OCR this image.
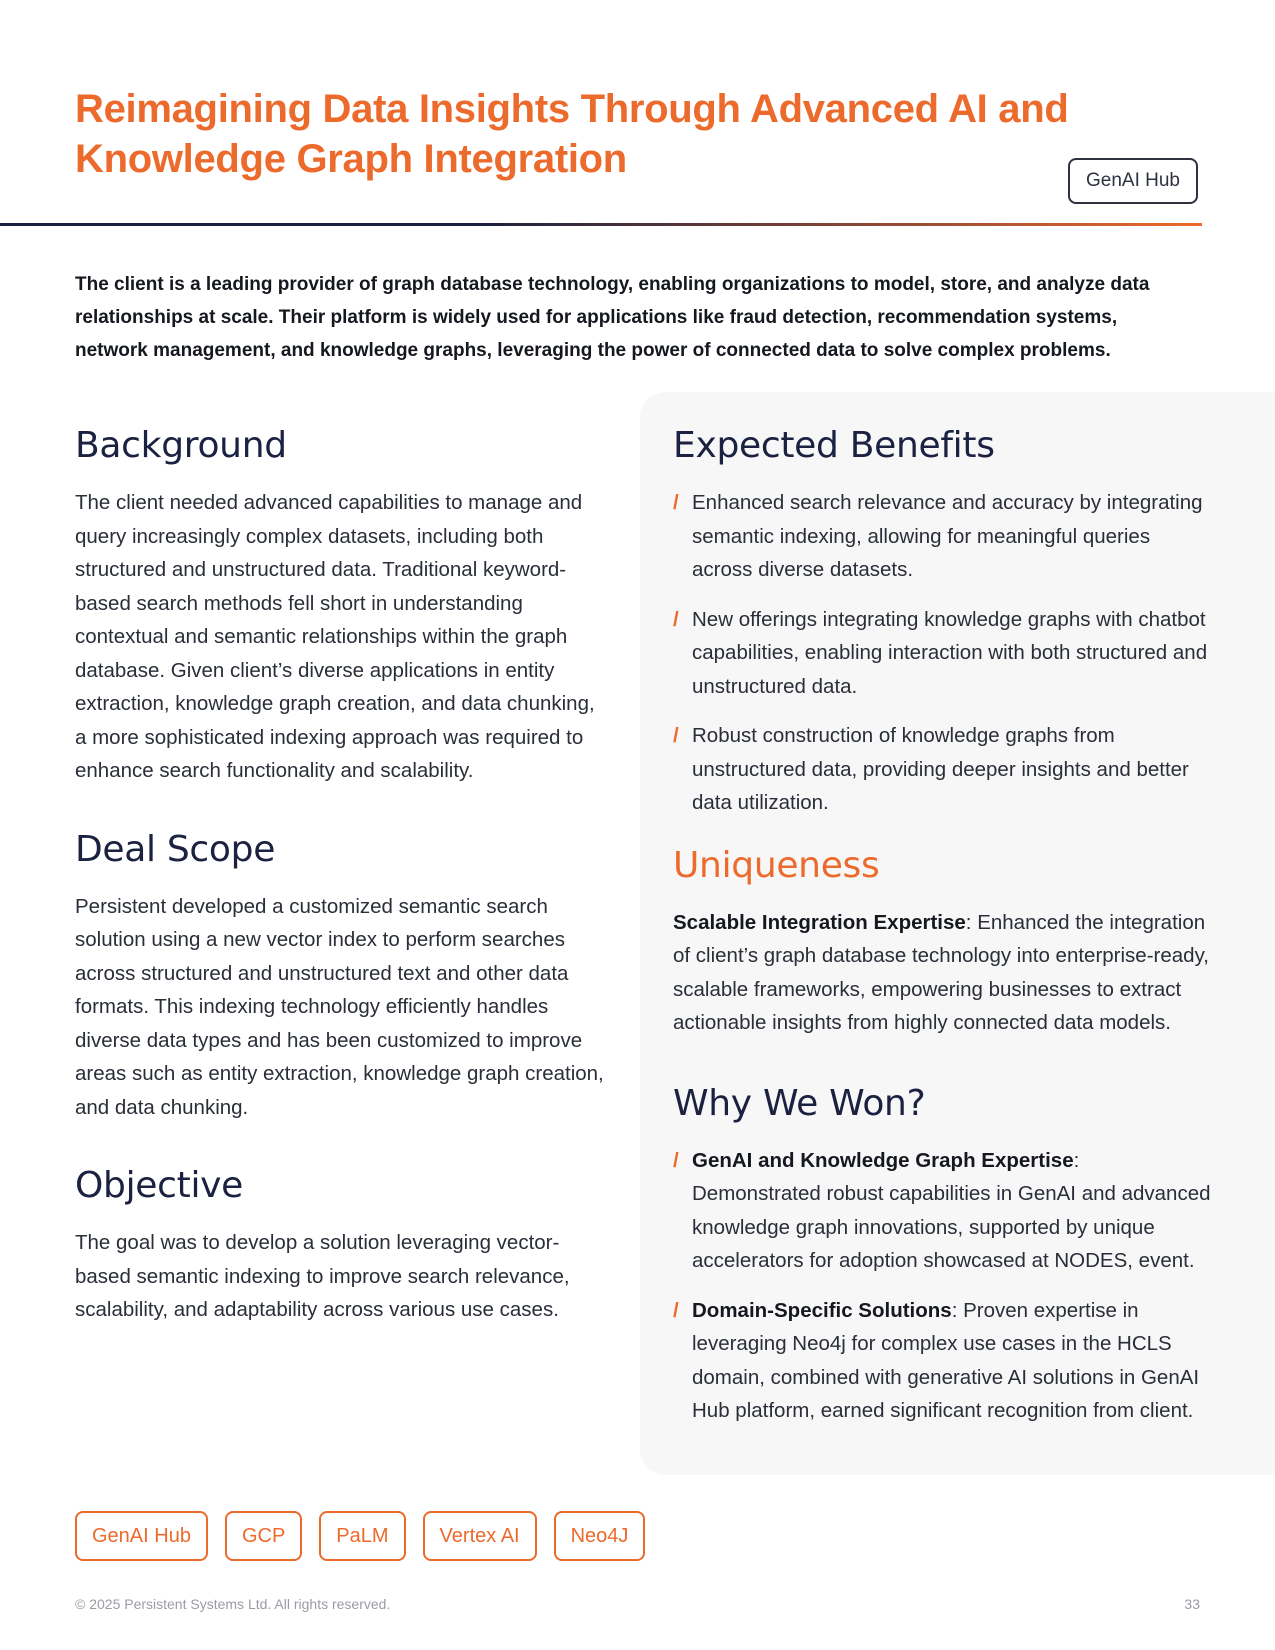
Reimagining Data Insights Through Advanced AI and Knowledge Graph Integration	GenAI Hub

The client is a leading provider of graph database technology, enabling organizations to model, store, and analyze data relationships at scale. Their platform is widely used for applications like fraud detection, recommendation systems, network management, and knowledge graphs, leveraging the power of connected data to solve complex problems.

Background

The client needed advanced capabilities to manage and query increasingly complex datasets, including both structured and unstructured data. Traditional keyword-based search methods fell short in understanding contextual and semantic relationships within the graph database. Given client’s diverse applications in entity extraction, knowledge graph creation, and data chunking, a more sophisticated indexing approach was required to enhance search functionality and scalability.

Deal Scope

Persistent developed a customized semantic search solution using a new vector index to perform searches across structured and unstructured text and other data formats. This indexing technology efficiently handles diverse data types and has been customized to improve areas such as entity extraction, knowledge graph creation, and data chunking.

Objective

The goal was to develop a solution leveraging vector-based semantic indexing to improve search relevance, scalability, and adaptability across various use cases.

Expected Benefits
/ Enhanced search relevance and accuracy by integrating semantic indexing, allowing for meaningful queries across diverse datasets.
/ New offerings integrating knowledge graphs with chatbot capabilities, enabling interaction with both structured and unstructured data.
/ Robust construction of knowledge graphs from unstructured data, providing deeper insights and better data utilization.
Uniqueness

Scalable Integration Expertise: Enhanced the integration of client’s graph database technology into enterprise-ready, scalable frameworks, empowering businesses to extract actionable insights from highly connected data models.

Why We Won?
/ GenAI and Knowledge Graph Expertise: Demonstrated robust capabilities in GenAI and advanced knowledge graph innovations, supported by unique accelerators for adoption showcased at NODES, event.
/ Domain-Specific Solutions: Proven expertise in leveraging Neo4j for complex use cases in the HCLS domain, combined with generative AI solutions in GenAI Hub platform, earned significant recognition from client.
GenAI Hub	GCP	PaLM	Vertex AI	Neo4J
© 2025 Persistent Systems Ltd. All rights reserved.	33
